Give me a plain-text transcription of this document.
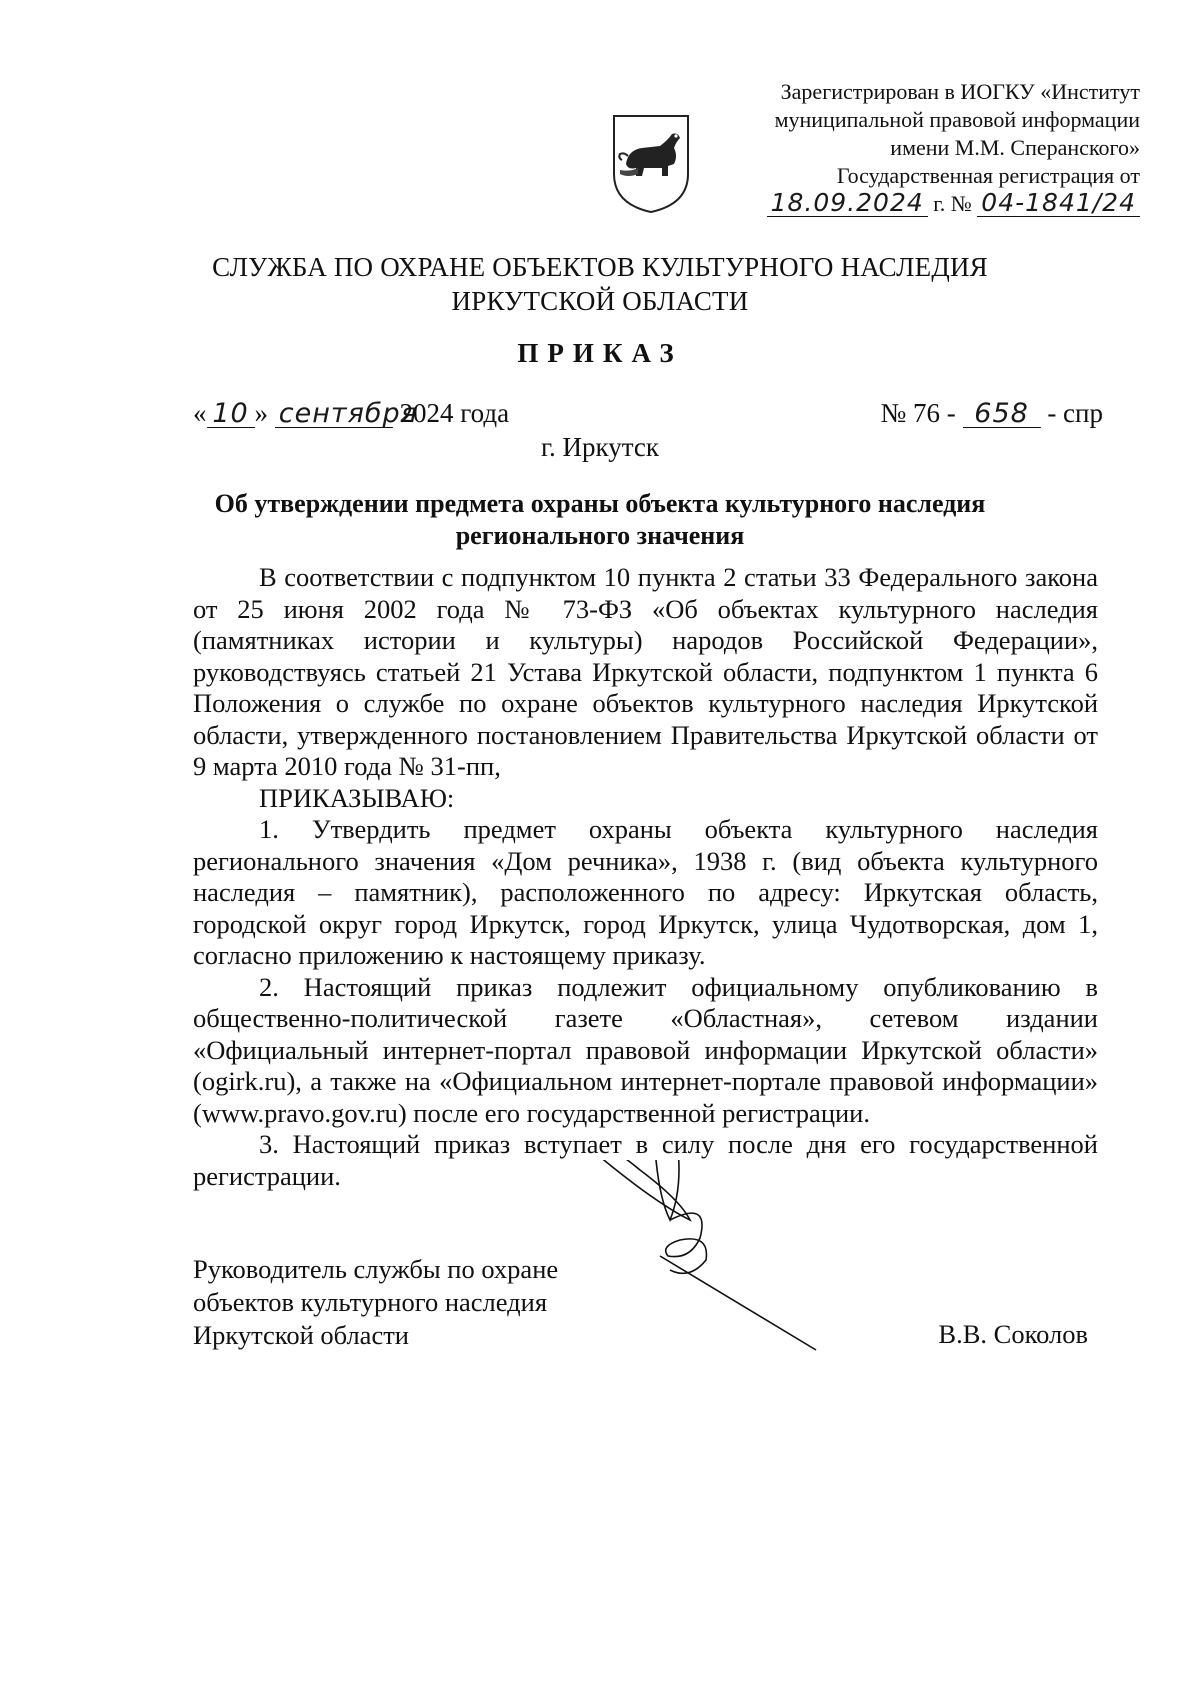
Зарегистрирован в ИОГКУ «Институт
муниципальной правовой информации
имени М.М. Сперанского»
Государственная регистрация от
18.09.2024 г. № 04-1841/24
СЛУЖБА ПО ОХРАНЕ ОБЪЕКТОВ КУЛЬТУРНОГО НАСЛЕДИЯ
ИРКУТСКОЙ ОБЛАСТИ
ПРИКАЗ
« 10 » сентября 2024 года	№ 76 - 658 - спр
г. Иркутск
Об утверждении предмета охраны объекта культурного наследия
регионального значения

В соответствии с подпунктом 10 пункта 2 статьи 33 Федерального закона от 25 июня 2002 года № 73-ФЗ «Об объектах культурного наследия (памятниках истории и культуры) народов Российской Федерации», руководствуясь статьей 21 Устава Иркутской области, подпунктом 1 пункта 6 Положения о службе по охране объектов культурного наследия Иркутской области, утвержденного постановлением Правительства Иркутской области от 9 марта 2010 года № 31-пп,

ПРИКАЗЫВАЮ:

1. Утвердить предмет охраны объекта культурного наследия регионального значения «Дом речника», 1938 г. (вид объекта культурного наследия – памятник), расположенного по адресу: Иркутская область, городской округ город Иркутск, город Иркутск, улица Чудотворская, дом 1, согласно приложению к настоящему приказу.

2. Настоящий приказ подлежит официальному опубликованию в общественно-политической газете «Областная», сетевом издании «Официальный интернет-портал правовой информации Иркутской области» (ogirk.ru), а также на «Официальном интернет-портале правовой информации» (www.pravo.gov.ru) после его государственной регистрации.

3. Настоящий приказ вступает в силу после дня его государственной регистрации.

Руководитель службы по охране
объектов культурного наследия
Иркутской области	В.В. Соколов
